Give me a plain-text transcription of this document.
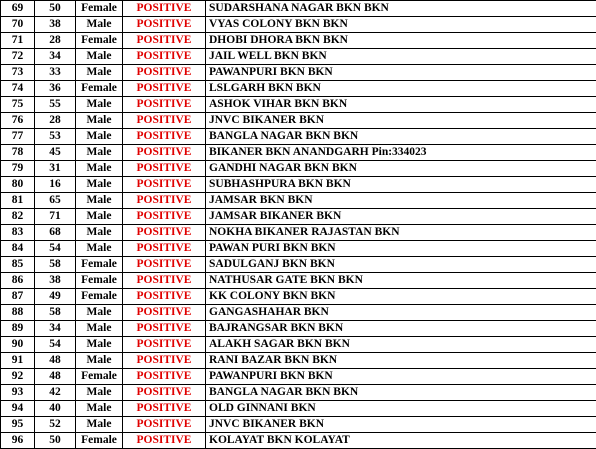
69	50	Female	POSITIVE	SUDARSHANA NAGAR BKN BKN
70	38	Male	POSITIVE	VYAS COLONY BKN BKN
71	28	Female	POSITIVE	DHOBI DHORA BKN BKN
72	34	Male	POSITIVE	JAIL WELL BKN BKN
73	33	Male	POSITIVE	PAWANPURI BKN BKN
74	36	Female	POSITIVE	LSLGARH BKN BKN
75	55	Male	POSITIVE	ASHOK VIHAR BKN BKN
76	28	Male	POSITIVE	JNVC BIKANER BKN
77	53	Male	POSITIVE	BANGLA NAGAR BKN BKN
78	45	Male	POSITIVE	BIKANER BKN ANANDGARH Pin:334023
79	31	Male	POSITIVE	GANDHI NAGAR BKN BKN
80	16	Male	POSITIVE	SUBHASHPURA BKN BKN
81	65	Male	POSITIVE	JAMSAR BKN BKN
82	71	Male	POSITIVE	JAMSAR BIKANER BKN
83	68	Male	POSITIVE	NOKHA BIKANER RAJASTAN BKN
84	54	Male	POSITIVE	PAWAN PURI BKN BKN
85	58	Female	POSITIVE	SADULGANJ BKN BKN
86	38	Female	POSITIVE	NATHUSAR GATE BKN BKN
87	49	Female	POSITIVE	KK COLONY BKN BKN
88	58	Male	POSITIVE	GANGASHAHAR BKN
89	34	Male	POSITIVE	BAJRANGSAR BKN BKN
90	54	Male	POSITIVE	ALAKH SAGAR BKN BKN
91	48	Male	POSITIVE	RANI BAZAR BKN BKN
92	48	Female	POSITIVE	PAWANPURI BKN BKN
93	42	Male	POSITIVE	BANGLA NAGAR BKN BKN
94	40	Male	POSITIVE	OLD GINNANI BKN
95	52	Male	POSITIVE	JNVC BIKANER BKN
96	50	Female	POSITIVE	KOLAYAT BKN KOLAYAT
